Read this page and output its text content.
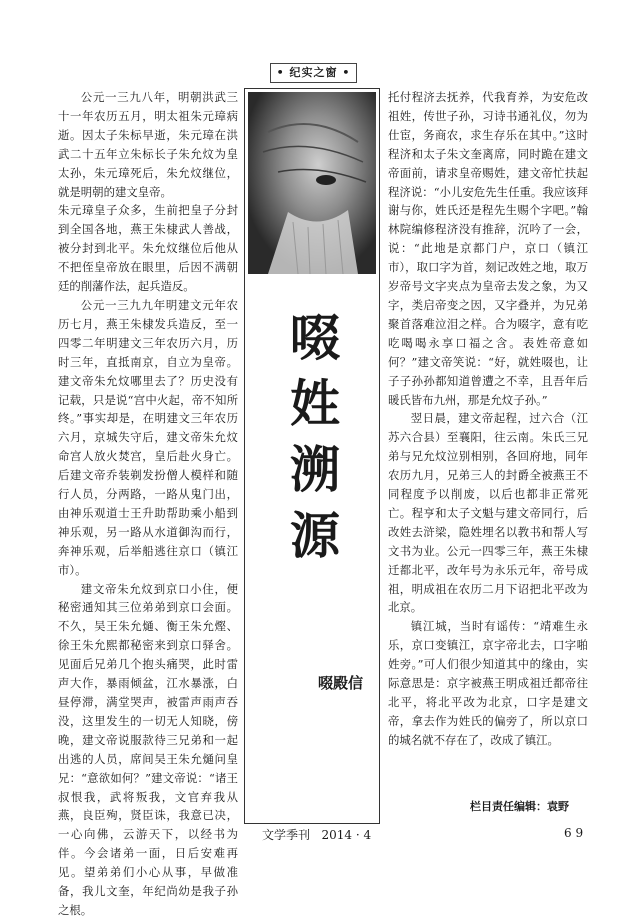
• 纪实之窗 •

公元一三九八年，明朝洪武三十一年农历五月，明太祖朱元璋病逝。因太子朱标早逝，朱元璋在洪武二十五年立朱标长子朱允炆为皇太孙，朱元璋死后，朱允炆继位，就是明朝的建文皇帝。

朱元璋皇子众多，生前把皇子分封到全国各地，燕王朱棣武人善战，被分封到北平。朱允炆继位后他从不把侄皇帝放在眼里，后因不满朝廷的削藩作法，起兵造反。

公元一三九九年明建文元年农历七月，燕王朱棣发兵造反，至一四零二年明建文三年农历六月，历时三年，直抵南京，自立为皇帝。建文帝朱允炆哪里去了？历史没有记载，只是说“宫中火起，帝不知所终。”事实却是，在明建文三年农历六月，京城失守后，建文帝朱允炆命宫人放火焚宫，皇后赴火身亡。后建文帝乔装剃发扮僧人模样和随行人员，分两路，一路从鬼门出，由神乐观道士王升助帮助乘小船到神乐观，另一路从水道御沟而行，奔神乐观，后举船逃往京口（镇江市）。

建文帝朱允炆到京口小住，便秘密通知其三位弟弟到京口会面。不久，吴王朱允熥、衡王朱允熞、徐王朱允熙都秘密来到京口驿舍。见面后兄弟几个抱头痛哭，此时雷声大作，暴雨倾盆，江水暴涨，白昼停滞，满堂哭声，被雷声雨声吞没，这里发生的一切无人知晓，傍晚，建文帝说服款待三兄弟和一起出逃的人员，席间吴王朱允熥问皇兄：“意欲如何？”建文帝说：“诸王叔恨我，武将叛我，文官弃我从燕，良臣殉，贤臣诛，我意已决，一心向佛，云游天下，以经书为伴。今会诸弟一面，日后安难再见。望弟弟们小心从事，早做准备，我儿文奎，年纪尚幼是我子孙之根。

啜
姓
溯
源
啜殿信

托付程济去抚养，代我育养，为安危改祖姓，传世子孙，习诗书通礼仪，勿为仕宦，务商农，求生存乐在其中。”这时程济和太子朱文奎离席，同时跪在建文帝面前，请求皇帝赐姓，建文帝忙扶起程济说：“小儿安危先生任重。我应该拜谢与你，姓氏还是程先生赐个字吧。”翰林院编修程济没有推辞，沉吟了一会，说：“此地是京都门户，京口（镇江市），取口字为首，刻记改姓之地，取万岁帝号文字夹点为皇帝去发之象，为又字，类启帝变之因，又字叠并，为兄弟聚首落难泣泪之样。合为啜字，意有吃吃喝喝永享口福之含。表姓帝意如何？”建文帝笑说：“好，就姓啜也，让子子孙孙都知道曾遭之不幸，且吾年后暖氏皆布九州，那是允炆子孙。”

翌日晨，建文帝起程，过六合（江苏六合县）至襄阳，往云南。朱氏三兄弟与兄允炆泣别相别，各回府地，同年农历九月，兄弟三人的封爵全被燕王不同程度予以削废，以后也都非正常死亡。程亨和太子文魁与建文帝同行，后改姓去浒梁，隐姓埋名以教书和帮人写文书为业。公元一四零三年，燕王朱棣迁都北平，改年号为永乐元年，帝号成祖，明成祖在农历二月下诏把北平改为北京。

镇江城，当时有谣传：“靖难生永乐，京口变镇江，京字帝北去，口字啪姓旁。”可人们很少知道其中的缘由，实际意思是：京字被燕王明成祖迁都帝往北平，将北平改为北京，口字是建文帝，拿去作为姓氏的偏旁了，所以京口的城名就不存在了，改成了镇江。

栏目责任编辑：袁野
文学季刊 2014 · 4	6 9
